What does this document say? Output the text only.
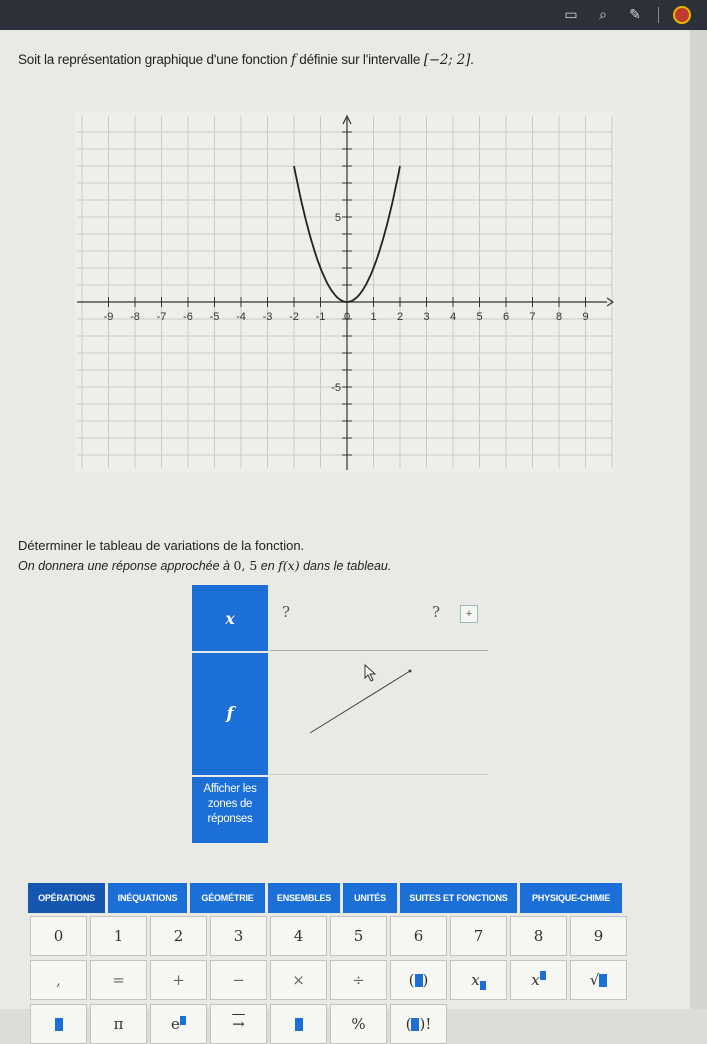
▭	⌕	✎
Soit la représentation graphique d'une fonction f définie sur l'intervalle [−2; 2].
-9 -8 -7 -6 -5 -4 -3 -2 -1 0 1 2 3 4 5 6 7 8 9
5
-5
Déterminer le tableau de variations de la fonction.
On donnera une réponse approchée à 0, 5 en f(x) dans le tableau.
x	?	?	+
f
Afficher les
zones de
réponses
OPÉRATIONS	INÉQUATIONS	GÉOMÉTRIE	ENSEMBLES	UNITÉS	SUITES ET FONCTIONS	PHYSIQUE-CHIMIE
0	1	2	3	4	5	6	7	8	9
,	=	+	−	×	÷	( )	x	x	√
π	e	→	%	( ) !
